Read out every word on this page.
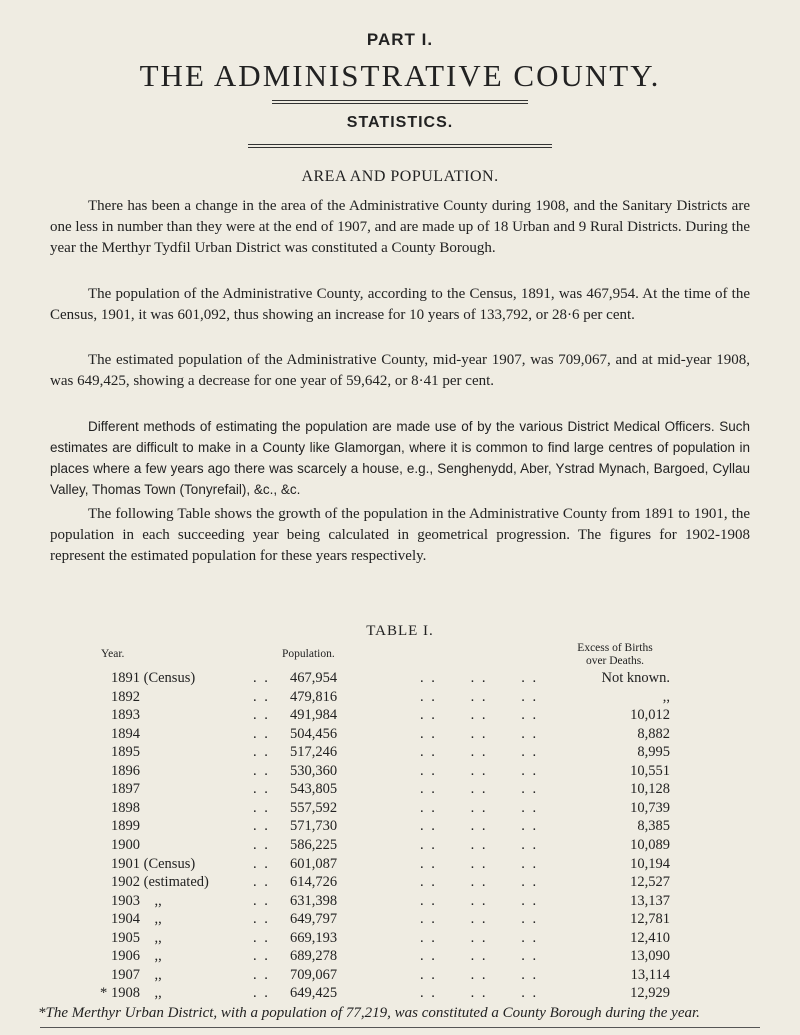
PART I.
THE ADMINISTRATIVE COUNTY.
STATISTICS.
AREA AND POPULATION.

There has been a change in the area of the Administrative County during 1908, and the Sanitary Districts are one less in number than they were at the end of 1907, and are made up of 18 Urban and 9 Rural Districts. During the year the Merthyr Tydfil Urban District was constituted a County Borough.

The population of the Administrative County, according to the Census, 1891, was 467,954. At the time of the Census, 1901, it was 601,092, thus showing an increase for 10 years of 133,792, or 28·6 per cent.

The estimated population of the Administrative County, mid-year 1907, was 709,067, and at mid-year 1908, was 649,425, showing a decrease for one year of 59,642, or 8·41 per cent.

Different methods of estimating the population are made use of by the various District Medical Officers. Such estimates are difficult to make in a County like Glamorgan, where it is common to find large centres of population in places where a few years ago there was scarcely a house, e.g., Senghenydd, Aber, Ystrad Mynach, Bargoed, Cyllau Valley, Thomas Town (Tonyrefail), &c., &c.

The following Table shows the growth of the population in the Administrative County from 1891 to 1901, the population in each succeeding year being calculated in geometrical progression. The figures for 1902-1908 represent the estimated population for these years respectively.

TABLE I.
Year.	Population.	Excess of Births
over Deaths.
1891 (Census)	. . 467,954	. .      . .      . .	Not known.
1892	. . 479,816	. .      . .      . .	,,
1893	. . 491,984	. .      . .      . .	10,012
1894	. . 504,456	. .      . .      . .	8,882
1895	. . 517,246	. .      . .      . .	8,995
1896	. . 530,360	. .      . .      . .	10,551
1897	. . 543,805	. .      . .      . .	10,128
1898	. . 557,592	. .      . .      . .	10,739
1899	. . 571,730	. .      . .      . .	8,385
1900	. . 586,225	. .      . .      . .	10,089
1901 (Census)	. . 601,087	. .      . .      . .	10,194
1902 (estimated)	. . 614,726	. .      . .      . .	12,527
1903    ,,	. . 631,398	. .      . .      . .	13,137
1904    ,,	. . 649,797	. .      . .      . .	12,781
1905    ,,	. . 669,193	. .      . .      . .	12,410
1906    ,,	. . 689,278	. .      . .      . .	13,090
1907    ,,	. . 709,067	. .      . .      . .	13,114
* 1908    ,,	. . 649,425	. .      . .      . .	12,929
*The Merthyr Urban District, with a population of 77,219, was constituted a County Borough during the year.
